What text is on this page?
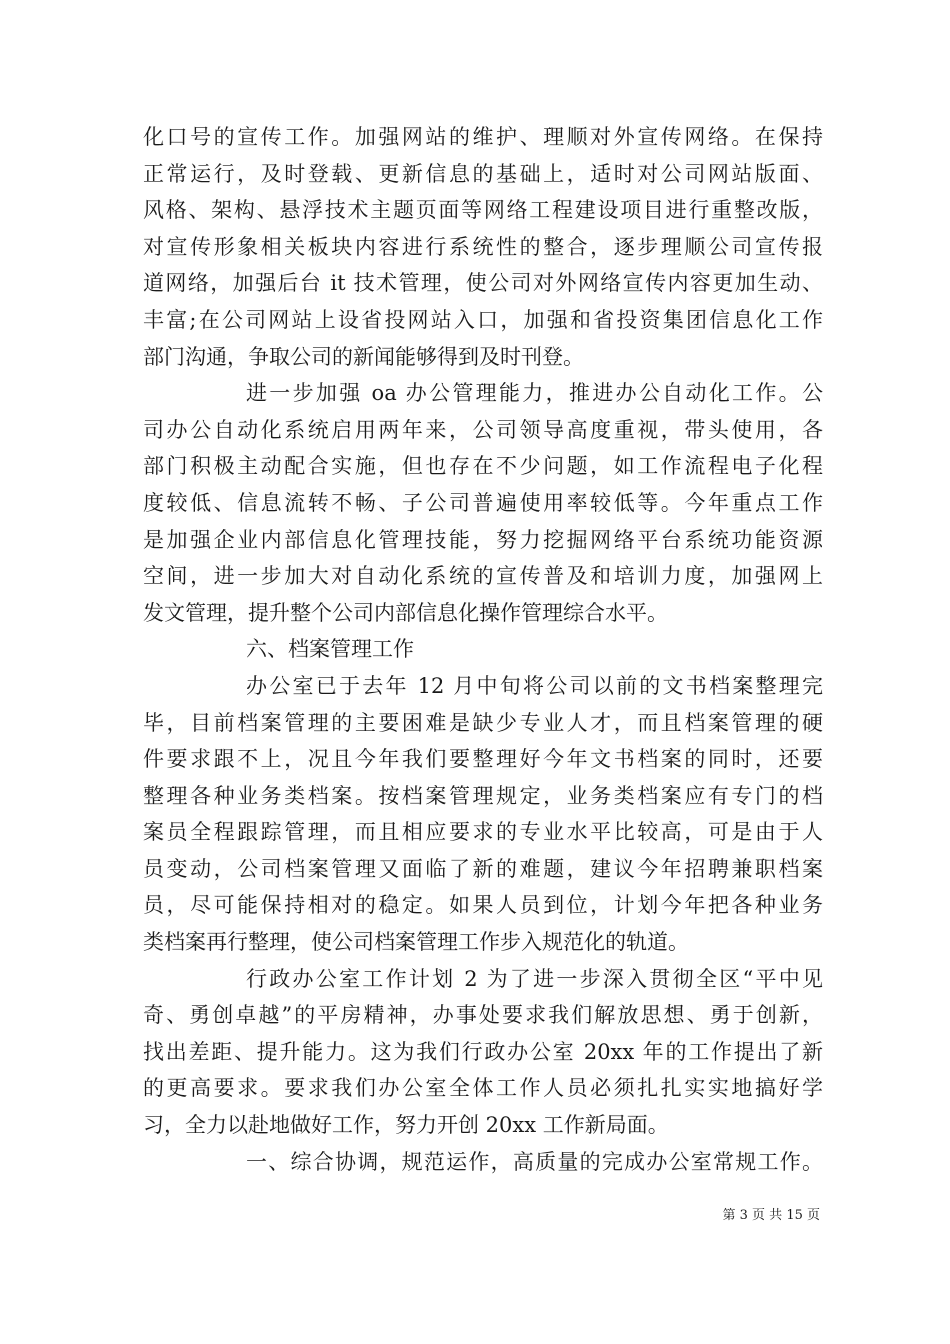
化口号的宣传工作。加强网站的维护、理顺对外宣传网络。在保持
正常运行，及时登载、更新信息的基础上，适时对公司网站版面、
风格、架构、悬浮技术主题页面等网络工程建设项目进行重整改版，
对宣传形象相关板块内容进行系统性的整合，逐步理顺公司宣传报
道网络，加强后台 it 技术管理，使公司对外网络宣传内容更加生动、
丰富;在公司网站上设省投网站入口，加强和省投资集团信息化工作
部门沟通，争取公司的新闻能够得到及时刊登。
进一步加强 oa 办公管理能力，推进办公自动化工作。公
司办公自动化系统启用两年来，公司领导高度重视，带头使用，各
部门积极主动配合实施，但也存在不少问题，如工作流程电子化程
度较低、信息流转不畅、子公司普遍使用率较低等。今年重点工作
是加强企业内部信息化管理技能，努力挖掘网络平台系统功能资源
空间，进一步加大对自动化系统的宣传普及和培训力度，加强网上
发文管理，提升整个公司内部信息化操作管理综合水平。
六、档案管理工作
办公室已于去年 12 月中旬将公司以前的文书档案整理完
毕，目前档案管理的主要困难是缺少专业人才，而且档案管理的硬
件要求跟不上，况且今年我们要整理好今年文书档案的同时，还要
整理各种业务类档案。按档案管理规定，业务类档案应有专门的档
案员全程跟踪管理，而且相应要求的专业水平比较高，可是由于人
员变动，公司档案管理又面临了新的难题，建议今年招聘兼职档案
员，尽可能保持相对的稳定。如果人员到位，计划今年把各种业务
类档案再行整理，使公司档案管理工作步入规范化的轨道。
行政办公室工作计划 2 为了进一步深入贯彻全区“平中见
奇、勇创卓越”的平房精神，办事处要求我们解放思想、勇于创新，
找出差距、提升能力。这为我们行政办公室 20xx 年的工作提出了新
的更高要求。要求我们办公室全体工作人员必须扎扎实实地搞好学
习，全力以赴地做好工作，努力开创 20xx 工作新局面。
一、综合协调，规范运作，高质量的完成办公室常规工作。
第 3 页 共 15 页
